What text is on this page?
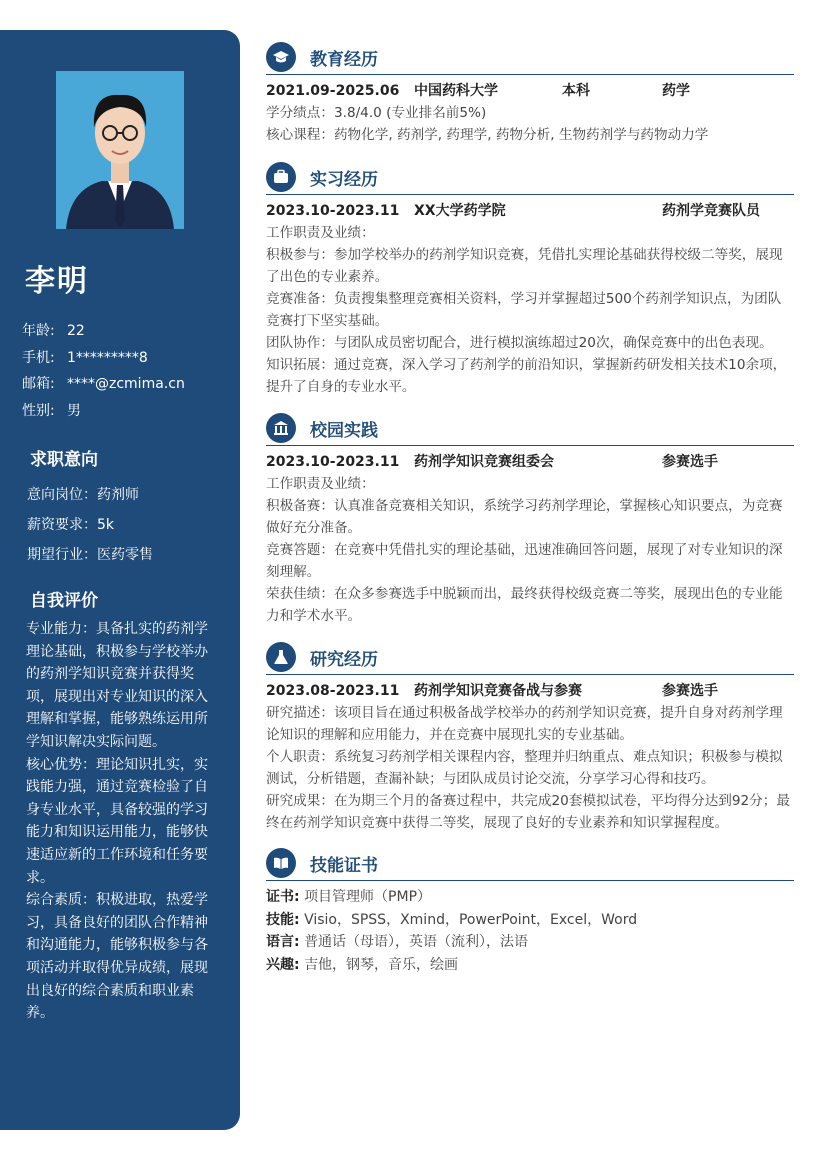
李明
年龄: 22
手机: 1*********8
邮箱: ****@zcmima.cn
性别: 男
求职意向
意向岗位：药剂师
薪资要求：5k
期望行业：医药零售
自我评价

专业能力：具备扎实的药剂学理论基础，积极参与学校举办的药剂学知识竞赛并获得奖项，展现出对专业知识的深入理解和掌握，能够熟练运用所学知识解决实际问题。

核心优势：理论知识扎实，实践能力强，通过竞赛检验了自身专业水平，具备较强的学习能力和知识运用能力，能够快速适应新的工作环境和任务要求。

综合素质：积极进取，热爱学习，具备良好的团队合作精神和沟通能力，能够积极参与各项活动并取得优异成绩，展现出良好的综合素质和职业素养。

教育经历
2021.09-2025.06 中国药科大学	本科	药学

学分绩点：3.8/4.0 (专业排名前5%)

核心课程：药物化学, 药剂学, 药理学, 药物分析, 生物药剂学与药物动力学

实习经历
2023.10-2023.11 XX大学药学院	药剂学竞赛队员

工作职责及业绩：

积极参与：参加学校举办的药剂学知识竞赛，凭借扎实理论基础获得校级二等奖，展现了出色的专业素养。

竞赛准备：负责搜集整理竞赛相关资料，学习并掌握超过500个药剂学知识点，为团队竞赛打下坚实基础。

团队协作：与团队成员密切配合，进行模拟演练超过20次，确保竞赛中的出色表现。

知识拓展：通过竞赛，深入学习了药剂学的前沿知识，掌握新药研发相关技术10余项，提升了自身的专业水平。

校园实践
2023.10-2023.11 药剂学知识竞赛组委会	参赛选手

工作职责及业绩：

积极备赛：认真准备竞赛相关知识，系统学习药剂学理论，掌握核心知识要点，为竞赛做好充分准备。

竞赛答题：在竞赛中凭借扎实的理论基础，迅速准确回答问题，展现了对专业知识的深刻理解。

荣获佳绩：在众多参赛选手中脱颖而出，最终获得校级竞赛二等奖，展现出色的专业能力和学术水平。

研究经历
2023.08-2023.11 药剂学知识竞赛备战与参赛	参赛选手

研究描述：该项目旨在通过积极备战学校举办的药剂学知识竞赛，提升自身对药剂学理论知识的理解和应用能力，并在竞赛中展现扎实的专业基础。

个人职责：系统复习药剂学相关课程内容，整理并归纳重点、难点知识；积极参与模拟测试，分析错题，查漏补缺；与团队成员讨论交流，分享学习心得和技巧。

研究成果：在为期三个月的备赛过程中，共完成20套模拟试卷，平均得分达到92分；最终在药剂学知识竞赛中获得二等奖，展现了良好的专业素养和知识掌握程度。

技能证书
证书: 项目管理师（PMP）
技能: Visio，SPSS，Xmind，PowerPoint，Excel，Word
语言: 普通话（母语），英语（流利），法语
兴趣: 吉他，钢琴，音乐，绘画
